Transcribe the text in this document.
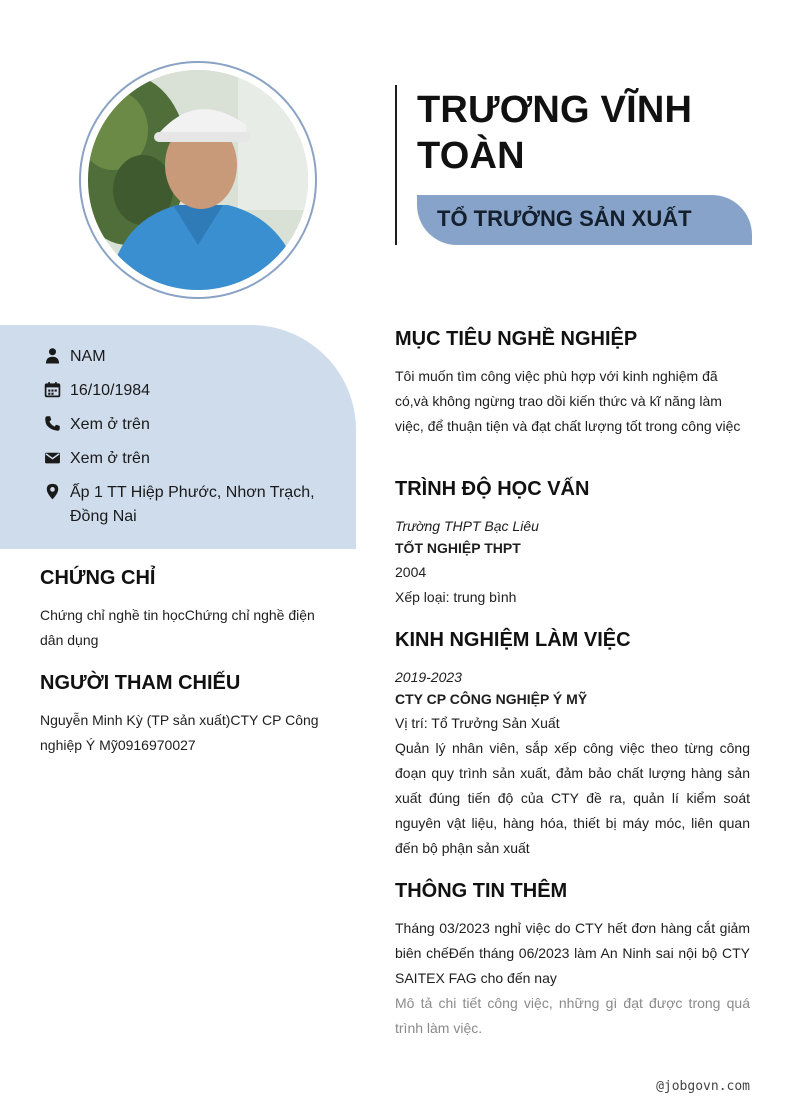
TRƯƠNG VĨNH TOÀN
TỔ TRƯỞNG SẢN XUẤT
NAM
16/10/1984
Xem ở trên
Xem ở trên
Ấp 1 TT Hiệp Phước, Nhơn Trạch, Đồng Nai
CHỨNG CHỈ
Chứng chỉ nghề tin họcChứng chỉ nghề điện dân dụng
NGƯỜI THAM CHIẾU
Nguyễn Minh Kỳ (TP sản xuất)CTY CP Công nghiệp Ý Mỹ0916970027
MỤC TIÊU NGHỀ NGHIỆP
Tôi muốn tìm công việc phù hợp với kinh nghiệm đã có,và không ngừng trao dồi kiến thức và kĩ năng làm việc, để thuận tiện và đạt chất lượng tốt trong công việc
TRÌNH ĐỘ HỌC VẤN
Trường THPT Bạc Liêu
TỐT NGHIỆP THPT
2004
Xếp loại: trung bình
KINH NGHIỆM LÀM VIỆC
2019-2023
CTY CP CÔNG NGHIỆP Ý MỸ
Vị trí: Tổ Trưởng Sản Xuất
Quản lý nhân viên, sắp xếp công việc theo từng công đoạn quy trình sản xuất, đảm bảo chất lượng hàng sản xuất đúng tiến độ của CTY đề ra, quản lí kiểm soát nguyên vật liệu, hàng hóa, thiết bị máy móc, liên quan đến bộ phận sản xuất
THÔNG TIN THÊM
Tháng 03/2023 nghỉ việc do CTY hết đơn hàng cắt giảm biên chếĐến tháng 06/2023 làm An Ninh sai nội bộ CTY SAITEX FAG cho đến nay
Mô tả chi tiết công việc, những gì đạt được trong quá trình làm việc.
@jobgovn.com
